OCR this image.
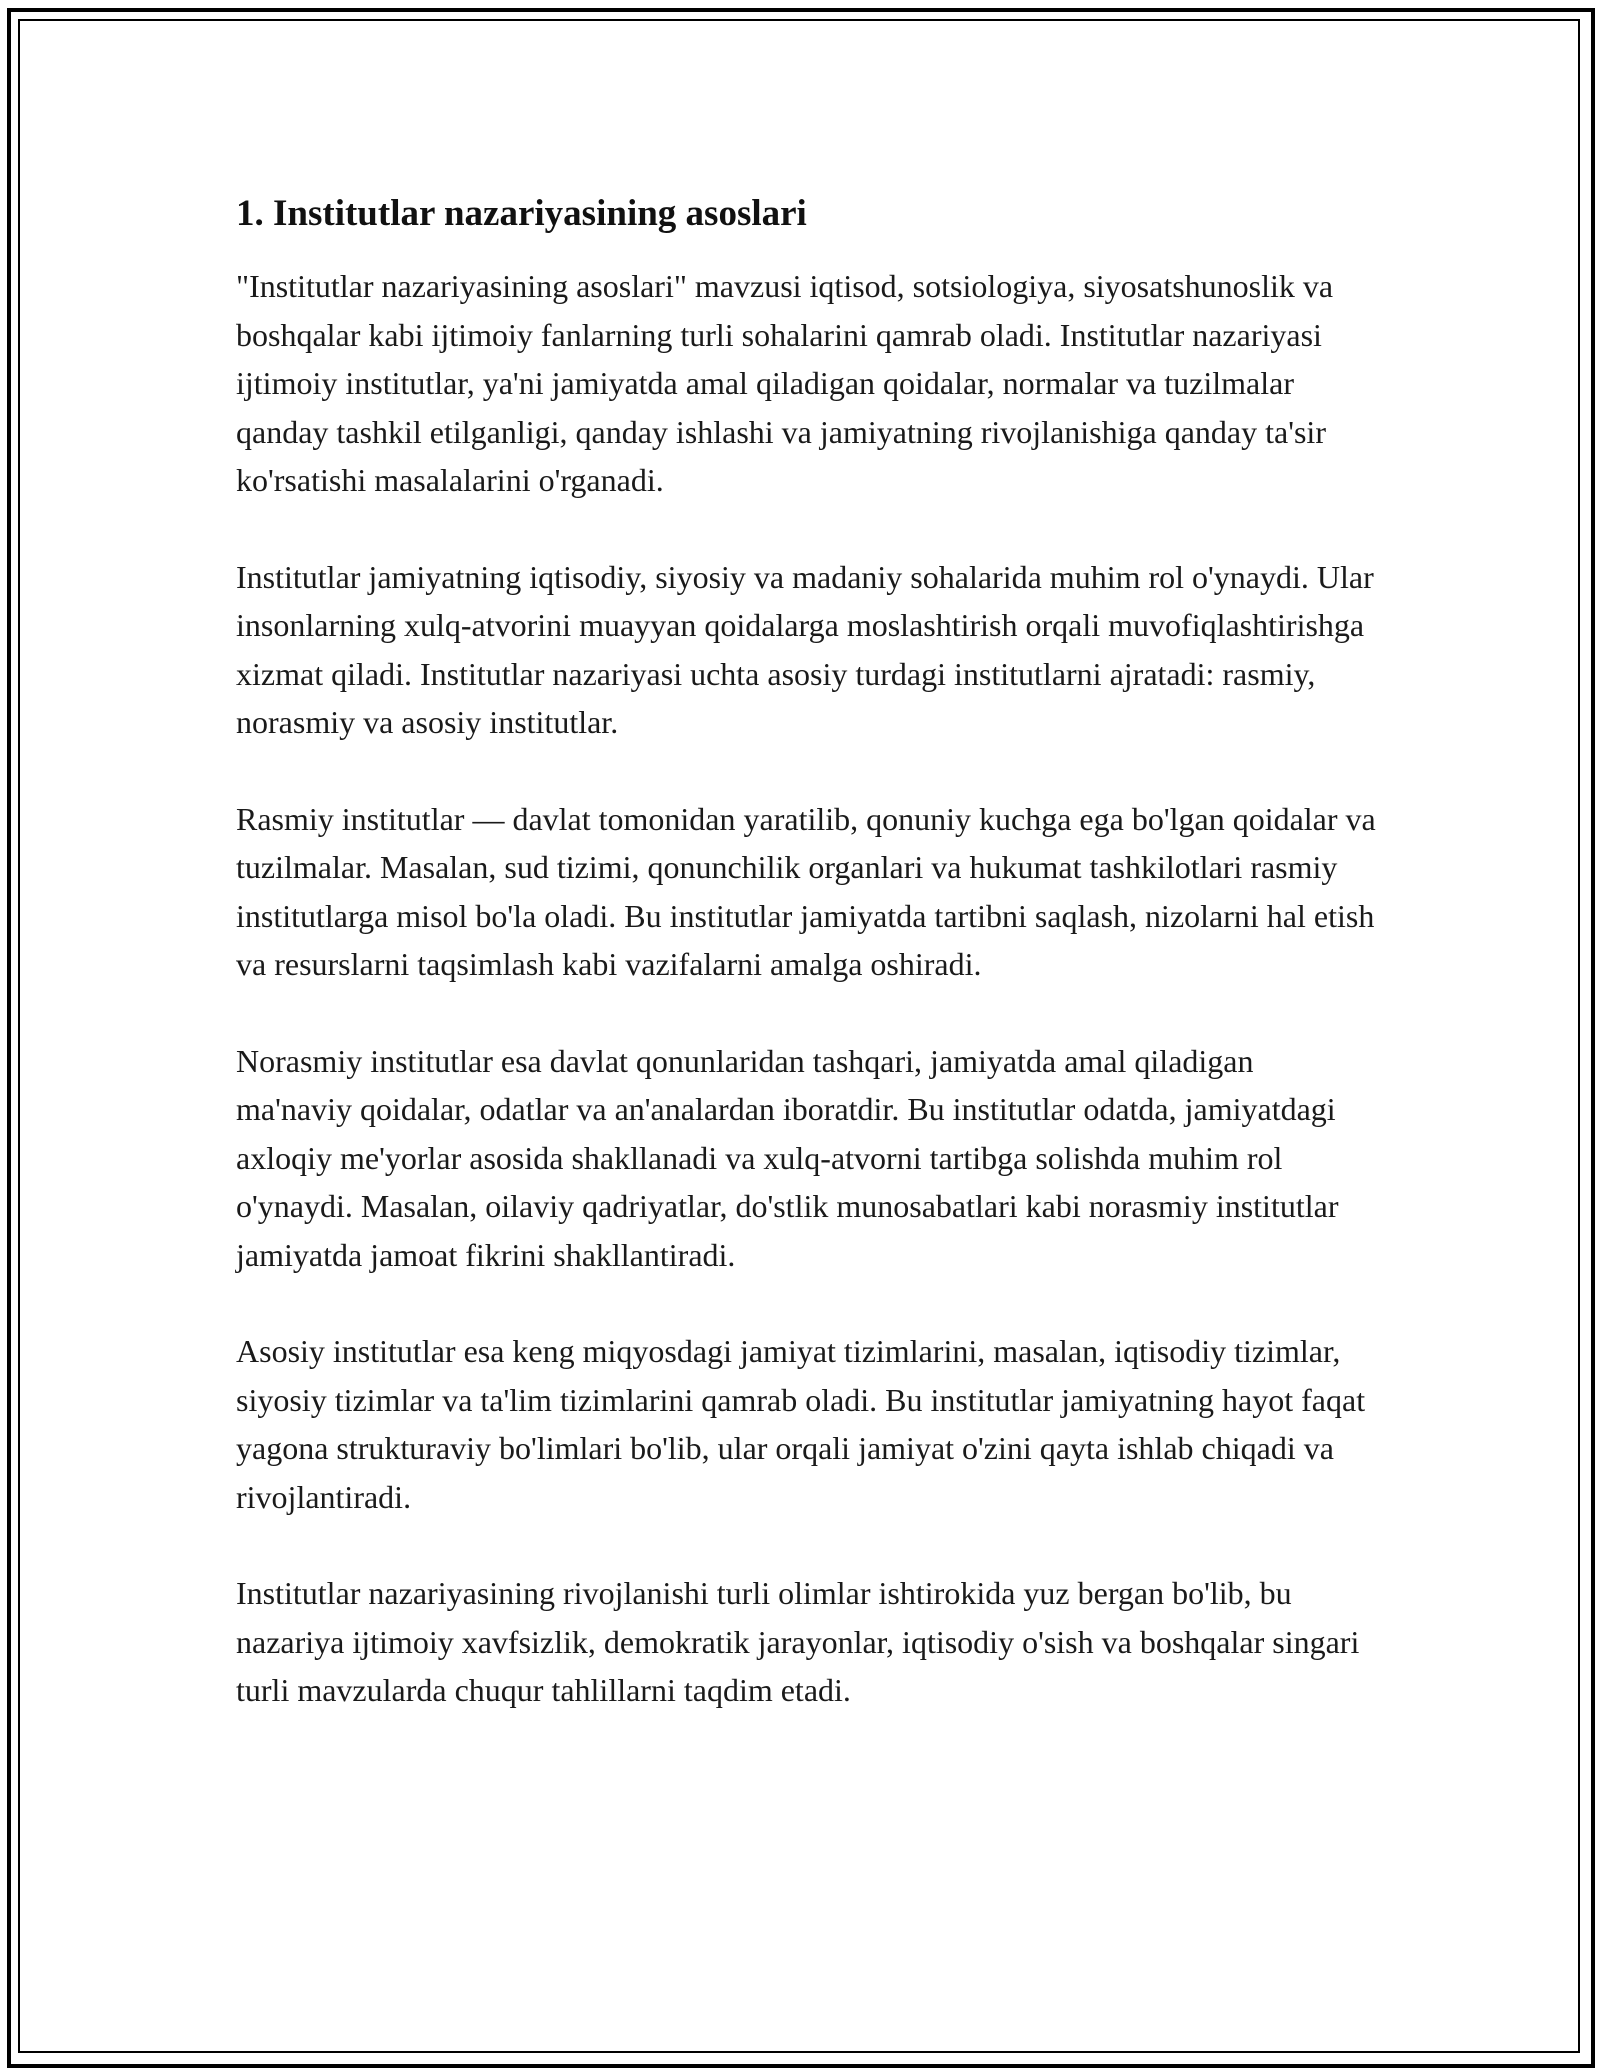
1. Institutlar nazariyasining asoslari

"Institutlar nazariyasining asoslari" mavzusi iqtisod, sotsiologiya, siyosatshunoslik va boshqalar kabi ijtimoiy fanlarning turli sohalarini qamrab oladi. Institutlar nazariyasi ijtimoiy institutlar, ya'ni jamiyatda amal qiladigan qoidalar, normalar va tuzilmalar qanday tashkil etilganligi, qanday ishlashi va jamiyatning rivojlanishiga qanday ta'sir ko'rsatishi masalalarini o'rganadi.

Institutlar jamiyatning iqtisodiy, siyosiy va madaniy sohalarida muhim rol o'ynaydi. Ular insonlarning xulq-atvorini muayyan qoidalarga moslashtirish orqali muvofiqlashtirishga xizmat qiladi. Institutlar nazariyasi uchta asosiy turdagi institutlarni ajratadi: rasmiy, norasmiy va asosiy institutlar.

Rasmiy institutlar — davlat tomonidan yaratilib, qonuniy kuchga ega bo'lgan qoidalar va tuzilmalar. Masalan, sud tizimi, qonunchilik organlari va hukumat tashkilotlari rasmiy institutlarga misol bo'la oladi. Bu institutlar jamiyatda tartibni saqlash, nizolarni hal etish va resurslarni taqsimlash kabi vazifalarni amalga oshiradi.

Norasmiy institutlar esa davlat qonunlaridan tashqari, jamiyatda amal qiladigan ma'naviy qoidalar, odatlar va an'analardan iboratdir. Bu institutlar odatda, jamiyatdagi axloqiy me'yorlar asosida shakllanadi va xulq-atvorni tartibga solishda muhim rol o'ynaydi. Masalan, oilaviy qadriyatlar, do'stlik munosabatlari kabi norasmiy institutlar jamiyatda jamoat fikrini shakllantiradi.

Asosiy institutlar esa keng miqyosdagi jamiyat tizimlarini, masalan, iqtisodiy tizimlar, siyosiy tizimlar va ta'lim tizimlarini qamrab oladi. Bu institutlar jamiyatning hayot faqat yagona strukturaviy bo'limlari bo'lib, ular orqali jamiyat o'zini qayta ishlab chiqadi va rivojlantiradi.

Institutlar nazariyasining rivojlanishi turli olimlar ishtirokida yuz bergan bo'lib, bu nazariya ijtimoiy xavfsizlik, demokratik jarayonlar, iqtisodiy o'sish va boshqalar singari turli mavzularda chuqur tahlillarni taqdim etadi.
